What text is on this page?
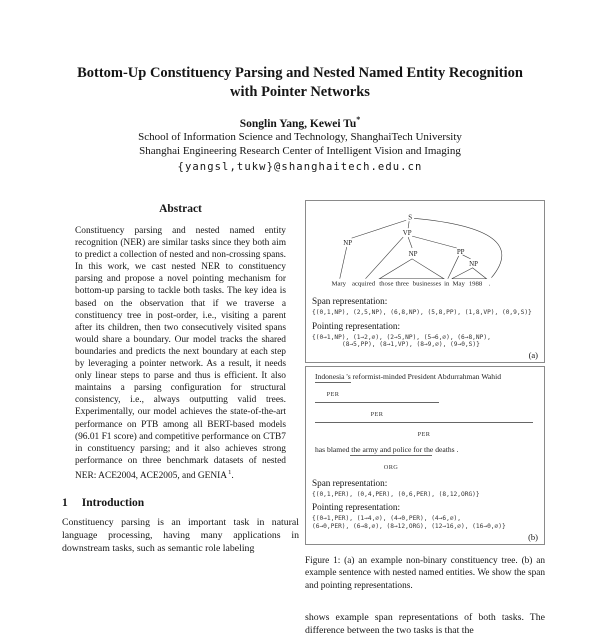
Bottom-Up Constituency Parsing and Nested Named Entity Recognition
with Pointer Networks
Songlin Yang, Kewei Tu*
School of Information Science and Technology, ShanghaiTech University
Shanghai Engineering Research Center of Intelligent Vision and Imaging
{yangsl,tukw}@shanghaitech.edu.cn
Abstract
Constituency parsing and nested named entity recognition (NER) are similar tasks since they both aim to predict a collection of nested and non-crossing spans. In this work, we cast nested NER to constituency parsing and propose a novel pointing mechanism for bottom-up parsing to tackle both tasks. The key idea is based on the observation that if we traverse a constituency tree in post-order, i.e., visiting a parent after its children, then two consecutively visited spans would share a boundary. Our model tracks the shared boundaries and predicts the next boundary at each step by leveraging a pointer network. As a result, it needs only linear steps to parse and thus is efficient. It also maintains a parsing configuration for structural consistency, i.e., always outputting valid trees. Experimentally, our model achieves the state-of-the-art performance on PTB among all BERT-based models (96.01 F1 score) and competitive performance on CTB7 in constituency parsing; and it also achieves strong performance on three benchmark datasets of nested NER: ACE2004, ACE2005, and GENIA$^1$.
1 Introduction
Constituency parsing is an important task in natural language processing, having many applications in downstream tasks, such as semantic role labeling
S
NP
VP
NP	PP
NP
Mary acquired those three businesses in May 1988 .
Span representation:
{(0,1,NP), (2,5,NP), (6,8,NP), (5,8,PP), (1,8,VP), (0,9,S)}
Pointing representation:
{(0→1,NP), (1→2,∅), (2→5,NP), (5→6,∅), (6→8,NP),
(8→5,PP), (8→1,VP), (8→9,∅), (9→0,S)}
(a)
Indonesia 's reformist-minded President Abdurrahman Wahid
PER
PER
PER
has blamed the army and police for the deaths .
ORG
Span representation:
{(0,1,PER), (0,4,PER), (0,6,PER), (8,12,ORG)}
Pointing representation:
{(0→1,PER), (1→4,∅), (4→0,PER), (4→6,∅),
(6→0,PER), (6→8,∅), (8→12,ORG), (12→16,∅), (16→0,∅)}
(b)
Figure 1: (a) an example non-binary constituency tree. (b) an example sentence with nested named entities. We show the span and pointing representations.
shows example span representations of both tasks. The difference between the two tasks is that the
